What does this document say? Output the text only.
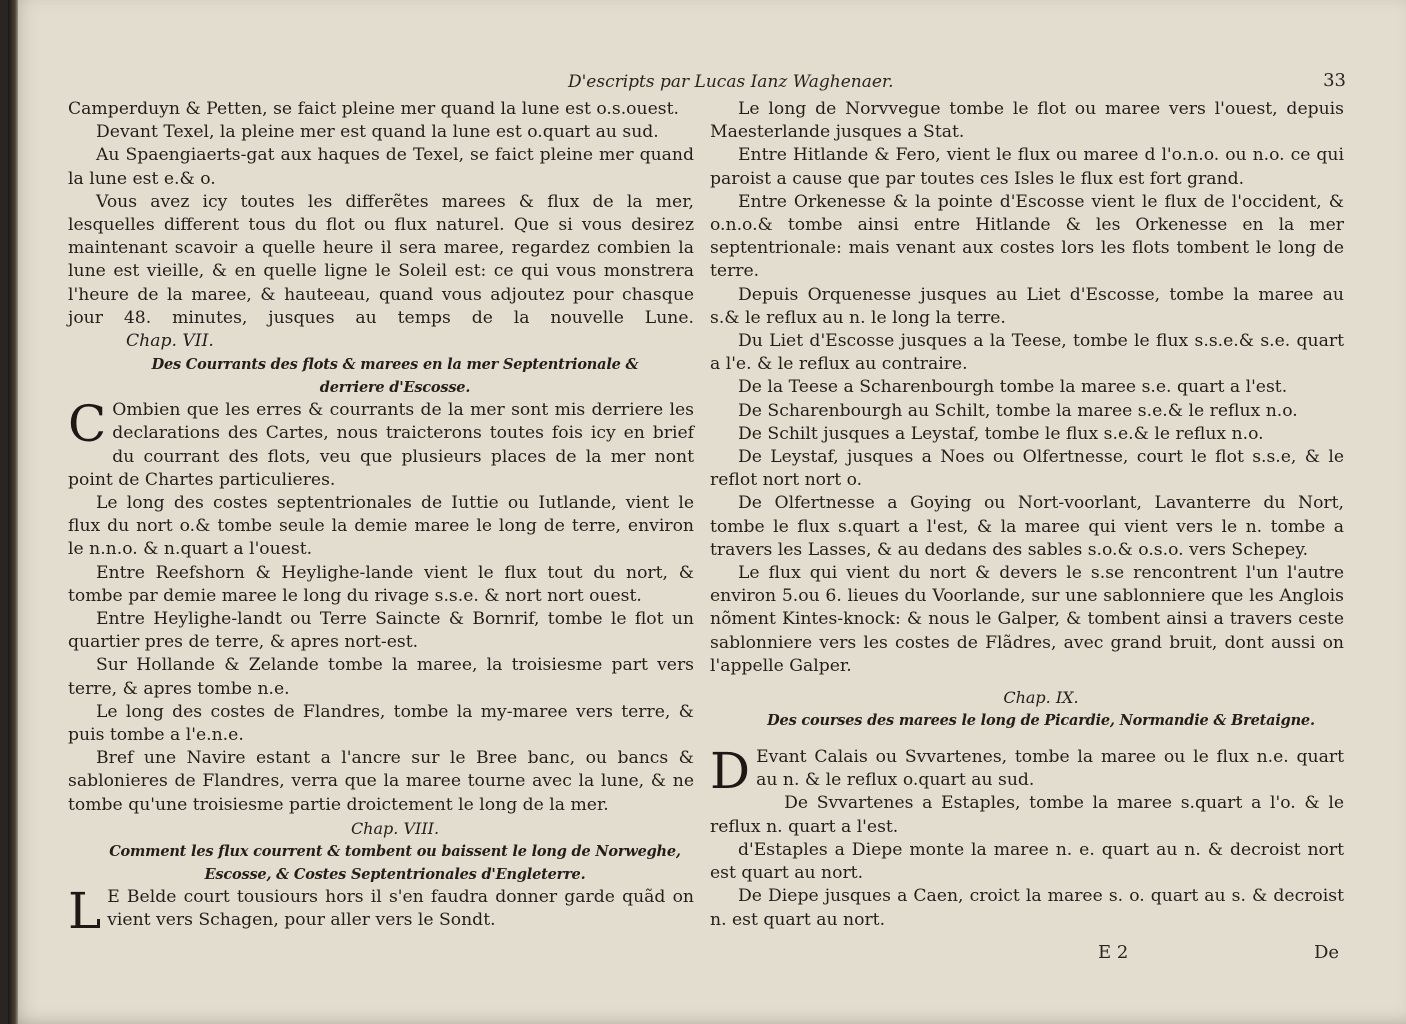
D'escripts par Lucas Ianz Waghenaer.	33

Camperduyn & Petten, se faict pleine mer quand la lune est o.s.ouest.

Devant Texel, la pleine mer est quand la lune est o.quart au sud.

Au Spaengiaerts-gat aux haques de Texel, se faict pleine mer quand la lune est e.& o.

Vous avez icy toutes les differẽtes marees & flux de la mer, lesquelles different tous du flot ou flux naturel. Que si vous desirez maintenant scavoir a quelle heure il sera maree, regardez combien la lune est vieille, & en quelle ligne le Soleil est: ce qui vous monstrera l'heure de la maree, & hauteeau, quand vous adjoutez pour chasque jour 48. minutes, jusques au temps de la nouvelle Lune.Chap. VII.

Des Courrants des flots & marees en la mer Septentrionale &

derriere d'Escosse.

C Ombien que les erres & courrants de la mer sont mis derriere les declarations des Cartes, nous traicterons toutes fois icy en brief du courrant des flots, veu que plusieurs places de la mer nont point de Chartes particulieres.

Le long des costes septentrionales de Iuttie ou Iutlande, vient le flux du nort o.& tombe seule la demie maree le long de terre, environ le n.n.o. & n.quart a l'ouest.

Entre Reefshorn & Heylighe-lande vient le flux tout du nort, & tombe par demie maree le long du rivage s.s.e. & nort nort ouest.

Entre Heylighe-landt ou Terre Saincte & Bornrif, tombe le flot un quartier pres de terre, & apres nort-est.

Sur Hollande & Zelande tombe la maree, la troisiesme part vers terre, & apres tombe n.e.

Le long des costes de Flandres, tombe la my-maree vers terre, & puis tombe a l'e.n.e.

Bref une Navire estant a l'ancre sur le Bree banc, ou bancs & sablonieres de Flandres, verra que la maree tourne avec la lune, & ne tombe qu'une troisiesme partie droictement le long de la mer.

Chap. VIII.

Comment les flux courrent & tombent ou baissent le long de Norweghe,

Escosse, & Costes Septentrionales d'Engleterre.

L E Belde court tousiours hors il s'en faudra donner garde quãd on vient vers Schagen, pour aller vers le Sondt.

Le long de Norvvegue tombe le flot ou maree vers l'ouest, depuis Maesterlande jusques a Stat.

Entre Hitlande & Fero, vient le flux ou maree d l'o.n.o. ou n.o. ce qui paroist a cause que par toutes ces Isles le flux est fort grand.

Entre Orkenesse & la pointe d'Escosse vient le flux de l'occident, & o.n.o.& tombe ainsi entre Hitlande & les Orkenesse en la mer septentrionale: mais venant aux costes lors les flots tombent le long de terre.

Depuis Orquenesse jusques au Liet d'Escosse, tombe la maree au s.& le reflux au n. le long la terre.

Du Liet d'Escosse jusques a la Teese, tombe le flux s.s.e.& s.e. quart a l'e. & le reflux au contraire.

De la Teese a Scharenbourgh tombe la maree s.e. quart a l'est.

De Scharenbourgh au Schilt, tombe la maree s.e.& le reflux n.o.

De Schilt jusques a Leystaf, tombe le flux s.e.& le reflux n.o.

De Leystaf, jusques a Noes ou Olfertnesse, court le flot s.s.e, & le reflot nort nort o.

De Olfertnesse a Goying ou Nort-voorlant, Lavanterre du Nort, tombe le flux s.quart a l'est, & la maree qui vient vers le n. tombe a travers les Lasses, & au dedans des sables s.o.& o.s.o. vers Schepey.

Le flux qui vient du nort & devers le s.se rencontrent l'un l'autre environ 5.ou 6. lieues du Voorlande, sur une sablonniere que les Anglois nõment Kintes-knock: & nous le Galper, & tombent ainsi a travers ceste sablonniere vers les costes de Flãdres, avec grand bruit, dont aussi on l'appelle Galper.

Chap. IX.

Des courses des marees le long de Picardie, Normandie & Bretaigne.

D Evant Calais ou Svvartenes, tombe la maree ou le flux n.e. quart au n. & le reflux o.quart au sud.

De Svvartenes a Estaples, tombe la maree s.quart a l'o. & le reflux n. quart a l'est.

d'Estaples a Diepe monte la maree n. e. quart au n. & decroist nort est quart au nort.

De Diepe jusques a Caen, croict la maree s. o. quart au s. & decroist n. est quart au nort.

E 2	De
